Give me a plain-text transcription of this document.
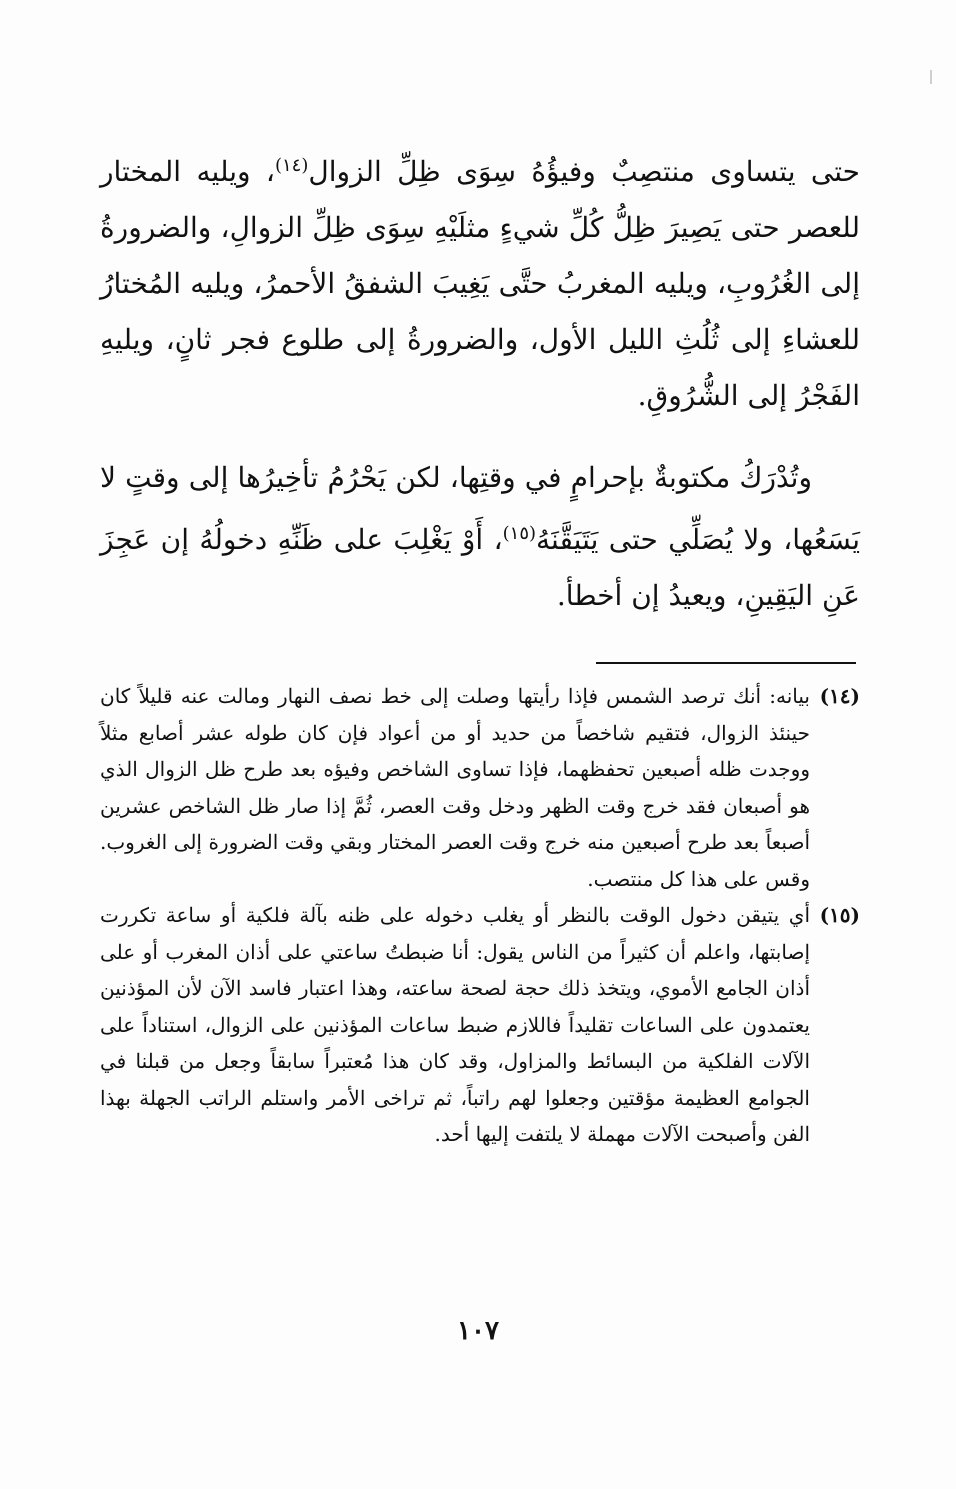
حتى يتساوى منتصِبٌ وفيؤُهُ سِوَى ظِلِّ الزوال$^{(١٤)}$، ويليه المختار للعصر حتى يَصِيرَ ظِلُّ كُلِّ شيءٍ مثلَيْهِ سِوَى ظِلِّ الزوالِ، والضرورةُ إلى الغُرُوبِ، ويليه المغربُ حتَّى يَغِيبَ الشفقُ الأحمرُ، ويليه المُختارُ للعشاءِ إلى ثُلُثِ الليل الأول، والضرورةُ إلى طلوع فجر ثانٍ، ويليهِ الفَجْرُ إلى الشُّرُوقِ.

وتُدْرَكُ مكتوبةٌ بإحرامٍ في وقتِها، لكن يَحْرُمُ تأخِيرُها إلى وقتٍ لا يَسَعُها، ولا يُصَلِّي حتى يَتَيَقَّنَهُ$^{(١٥)}$، أَوْ يَغْلِبَ على ظَنِّهِ دخولُهُ إن عَجِزَ عَنِ اليَقِينِ، ويعيدُ إن أخطأ.

(١٤)
بيانه: أنك ترصد الشمس فإذا رأيتها وصلت إلى خط نصف النهار ومالت عنه قليلاً كان حينئذ الزوال، فتقيم شاخصاً من حديد أو من أعواد فإن كان طوله عشر أصابع مثلاً ووجدت ظله أصبعين تحفظهما، فإذا تساوى الشاخص وفيؤه بعد طرح ظل الزوال الذي هو أصبعان فقد خرج وقت الظهر ودخل وقت العصر، ثُمَّ إذا صار ظل الشاخص عشرين أصبعاً بعد طرح أصبعين منه خرج وقت العصر المختار وبقي وقت الضرورة إلى الغروب. وقس على هذا كل منتصب.
(١٥)
أي يتيقن دخول الوقت بالنظر أو يغلب دخوله على ظنه بآلة فلكية أو ساعة تكررت إصابتها، واعلم أن كثيراً من الناس يقول: أنا ضبطتُ ساعتي على أذان المغرب أو على أذان الجامع الأموي، ويتخذ ذلك حجة لصحة ساعته، وهذا اعتبار فاسد الآن لأن المؤذنين يعتمدون على الساعات تقليداً فاللازم ضبط ساعات المؤذنين على الزوال، استناداً على الآلات الفلكية من البسائط والمزاول، وقد كان هذا مُعتبراً سابقاً وجعل من قبلنا في الجوامع العظيمة مؤقتين وجعلوا لهم راتباً، ثم تراخى الأمر واستلم الراتب الجهلة بهذا الفن وأصبحت الآلات مهملة لا يلتفت إليها أحد.
١٠٧
